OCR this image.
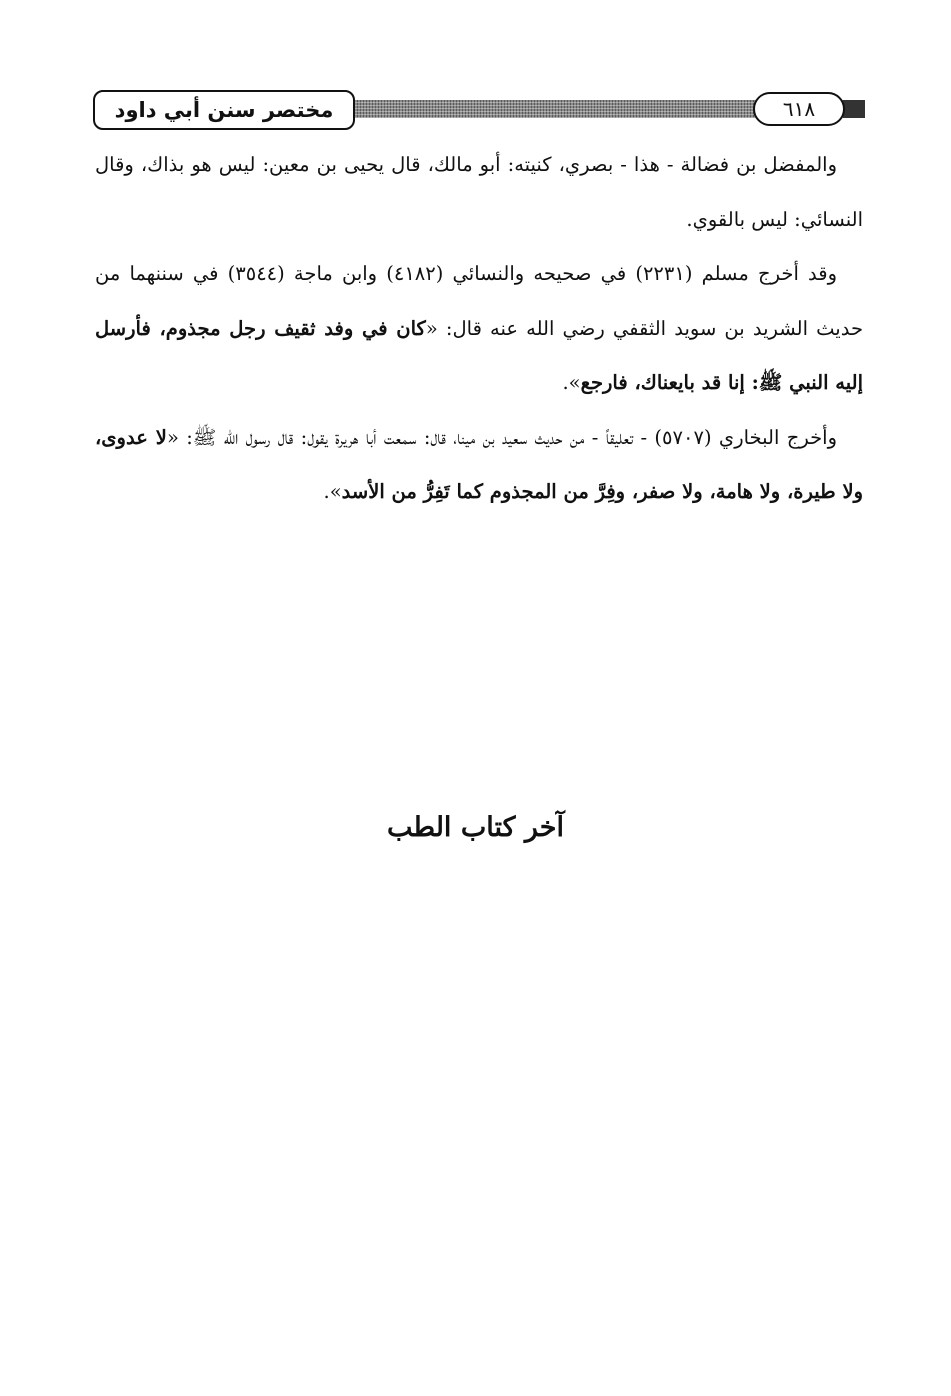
مختصر سنن أبي داود	٦١٨

والمفضل بن فضالة - هذا - بصري، كنيته: أبو مالك، قال يحيى بن معين: ليس هو بذاك، وقال النسائي: ليس بالقوي.

وقد أخرج مسلم (٢٢٣١) في صحيحه والنسائي (٤١٨٢) وابن ماجة (٣٥٤٤) في سننهما من حديث الشريد بن سويد الثقفي رضي الله عنه قال: «كان في وفد ثقيف رجل مجذوم، فأرسل إليه النبي ﷺ: إنا قد بايعناك، فارجع».

وأخرج البخاري (٥٧٠٧) - تعليقاً - من حديث سعيد بن مينا، قال: سمعت أبا هريرة يقول: قال رسول الله ﷺ: «لا عدوى، ولا طيرة، ولا هامة، ولا صفر، وفِرَّ من المجذوم كما تَفِرُّ من الأسد».

آخر كتاب الطب
